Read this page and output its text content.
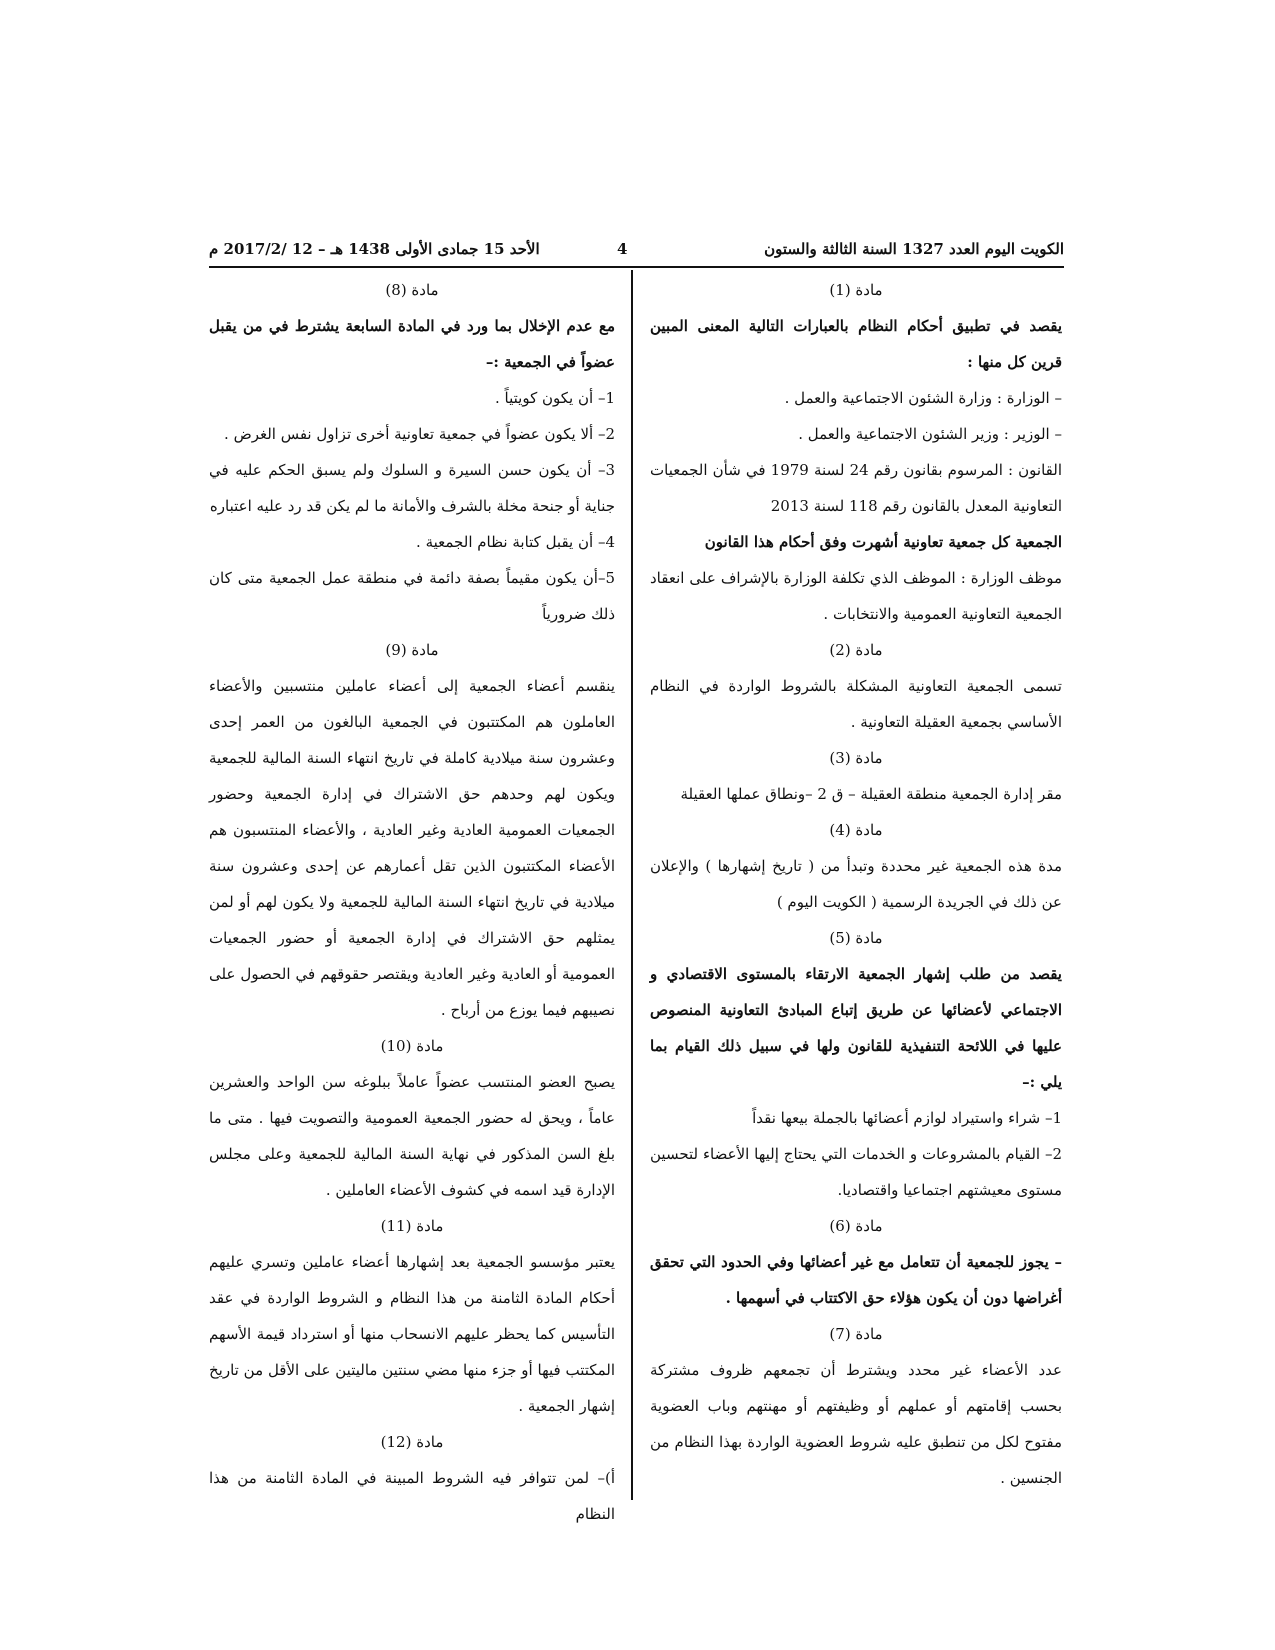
الكويت اليوم العدد 1327 السنة الثالثة والستون
4
الأحد 15 جمادى الأولى 1438 هـ – 12 /2017/2 م
مادة (1)

يقصد في تطبيق أحكام النظام بالعبارات التالية المعنى المبين قرين كل منها :

– الوزارة : وزارة الشئون الاجتماعية والعمل .

– الوزير : وزير الشئون الاجتماعية والعمل .

القانون : المرسوم بقانون رقم 24 لسنة 1979 في شأن الجمعيات التعاونية المعدل بالقانون رقم 118 لسنة 2013

الجمعية كل جمعية تعاونية أشهرت وفق أحكام هذا القانون

موظف الوزارة : الموظف الذي تكلفة الوزارة بالإشراف على انعقاد الجمعية التعاونية العمومية والانتخابات .

مادة (2)

تسمى الجمعية التعاونية المشكلة بالشروط الواردة في النظام الأساسي بجمعية العقيلة التعاونية .

مادة (3)

مقر إدارة الجمعية منطقة العقيلة – ق 2 –ونطاق عملها العقيلة

مادة (4)

مدة هذه الجمعية غير محددة وتبدأ من ( تاريخ إشهارها ) والإعلان عن ذلك في الجريدة الرسمية ( الكويت اليوم )

مادة (5)

يقصد من طلب إشهار الجمعية الارتقاء بالمستوى الاقتصادي و الاجتماعي لأعضائها عن طريق إتباع المبادئ التعاونية المنصوص عليها في اللائحة التنفيذية للقانون ولها في سبيل ذلك القيام بما يلي :–

1– شراء واستيراد لوازم أعضائها بالجملة بيعها نقداً

2– القيام بالمشروعات و الخدمات التي يحتاج إليها الأعضاء لتحسين مستوى معيشتهم اجتماعيا واقتصاديا.

مادة (6)

– يجوز للجمعية أن تتعامل مع غير أعضائها وفي الحدود التي تحقق أغراضها دون أن يكون هؤلاء حق الاكتتاب في أسهمها .

مادة (7)

عدد الأعضاء غير محدد ويشترط أن تجمعهم ظروف مشتركة بحسب إقامتهم أو عملهم أو وظيفتهم أو مهنتهم وباب العضوية مفتوح لكل من تنطبق عليه شروط العضوية الواردة بهذا النظام من الجنسين .

مادة (8)

مع عدم الإخلال بما ورد في المادة السابعة يشترط في من يقبل عضواً في الجمعية :–

1– أن يكون كويتياً .

2– ألا يكون عضواً في جمعية تعاونية أخرى تزاول نفس الغرض .

3– أن يكون حسن السيرة و السلوك ولم يسبق الحكم عليه في جناية أو جنحة مخلة بالشرف والأمانة ما لم يكن قد رد عليه اعتباره

4– أن يقبل كتابة نظام الجمعية .

5–أن يكون مقيماً بصفة دائمة في منطقة عمل الجمعية متى كان ذلك ضرورياً

مادة (9)

ينقسم أعضاء الجمعية إلى أعضاء عاملين منتسبين والأعضاء العاملون هم المكتتبون في الجمعية البالغون من العمر إحدى وعشرون سنة ميلادية كاملة في تاريخ انتهاء السنة المالية للجمعية ويكون لهم وحدهم حق الاشتراك في إدارة الجمعية وحضور الجمعيات العمومية العادية وغير العادية ، والأعضاء المنتسبون هم الأعضاء المكتتبون الذين تقل أعمارهم عن إحدى وعشرون سنة ميلادية في تاريخ انتهاء السنة المالية للجمعية ولا يكون لهم أو لمن يمثلهم حق الاشتراك في إدارة الجمعية أو حضور الجمعيات العمومية أو العادية وغير العادية ويقتصر حقوقهم في الحصول على نصيبهم فيما يوزع من أرباح .

مادة (10)

يصبح العضو المنتسب عضواً عاملاً ببلوغه سن الواحد والعشرين عاماً ، ويحق له حضور الجمعية العمومية والتصويت فيها . متى ما بلغ السن المذكور في نهاية السنة المالية للجمعية وعلى مجلس الإدارة قيد اسمه في كشوف الأعضاء العاملين .

مادة (11)

يعتبر مؤسسو الجمعية بعد إشهارها أعضاء عاملين وتسري عليهم أحكام المادة الثامنة من هذا النظام و الشروط الواردة في عقد التأسيس كما يحظر عليهم الانسحاب منها أو استرداد قيمة الأسهم المكتتب فيها أو جزء منها مضي سنتين ماليتين على الأقل من تاريخ إشهار الجمعية .

مادة (12)

أ)– لمن تتوافر فيه الشروط المبينة في المادة الثامنة من هذا النظام
